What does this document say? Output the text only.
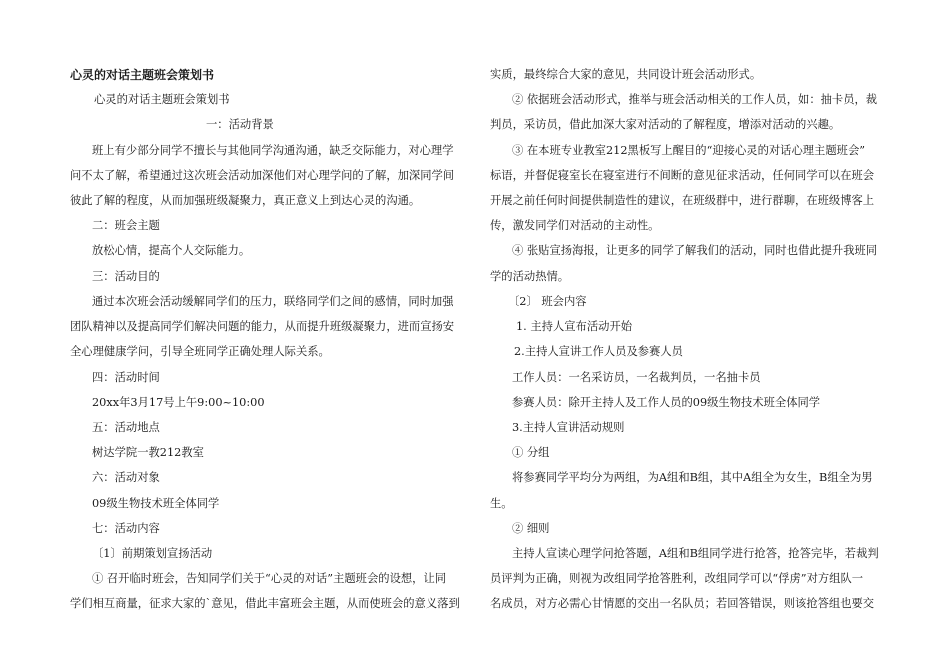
心灵的对话主题班会策划书
心灵的对话主题班会策划书
一：活动背景
班上有少部分同学不擅长与其他同学沟通沟通，缺乏交际能力，对心理学
问不太了解，希望通过这次班会活动加深他们对心理学问的了解，加深同学间
彼此了解的程度，从而加强班级凝聚力，真正意义上到达心灵的沟通。
二：班会主题
放松心情，提高个人交际能力。
三：活动目的
通过本次班会活动缓解同学们的压力，联络同学们之间的感情，同时加强
团队精神以及提高同学们解决问题的能力，从而提升班级凝聚力，进而宣扬安
全心理健康学问，引导全班同学正确处理人际关系。
四：活动时间
20xx年3月17号上午9:00~10:00
五：活动地点
树达学院一教212教室
六：活动对象
09级生物技术班全体同学
七：活动内容
〔1〕前期策划宣扬活动
① 召开临时班会，告知同学们关于“心灵的对话”主题班会的设想，让同
学们相互商量，征求大家的`意见，借此丰富班会主题，从而使班会的意义落到
实质，最终综合大家的意见，共同设计班会活动形式。
② 依据班会活动形式，推举与班会活动相关的工作人员，如：抽卡员，裁
判员，采访员，借此加深大家对活动的了解程度，增添对活动的兴趣。
③ 在本班专业教室212黑板写上醒目的“迎接心灵的对话心理主题班会”
标语，并督促寝室长在寝室进行不间断的意见征求活动，任何同学可以在班会
开展之前任何时间提供制造性的建议，在班级群中，进行群聊，在班级博客上
传，激发同学们对活动的主动性。
④ 张贴宣扬海报，让更多的同学了解我们的活动，同时也借此提升我班同
学的活动热情。
〔2〕 班会内容
1. 主持人宣布活动开始
2.主持人宣讲工作人员及参赛人员
工作人员：一名采访员，一名裁判员，一名抽卡员
参赛人员：除开主持人及工作人员的09级生物技术班全体同学
3.主持人宣讲活动规则
① 分组
将参赛同学平均分为两组，为A组和B组，其中A组全为女生，B组全为男
生。
② 细则
主持人宣读心理学问抢答题，A组和B组同学进行抢答，抢答完毕，若裁判
员评判为正确，则视为改组同学抢答胜利，改组同学可以“俘虏”对方组队一
名成员，对方必需心甘情愿的交出一名队员；若回答错误，则该抢答组也要交
